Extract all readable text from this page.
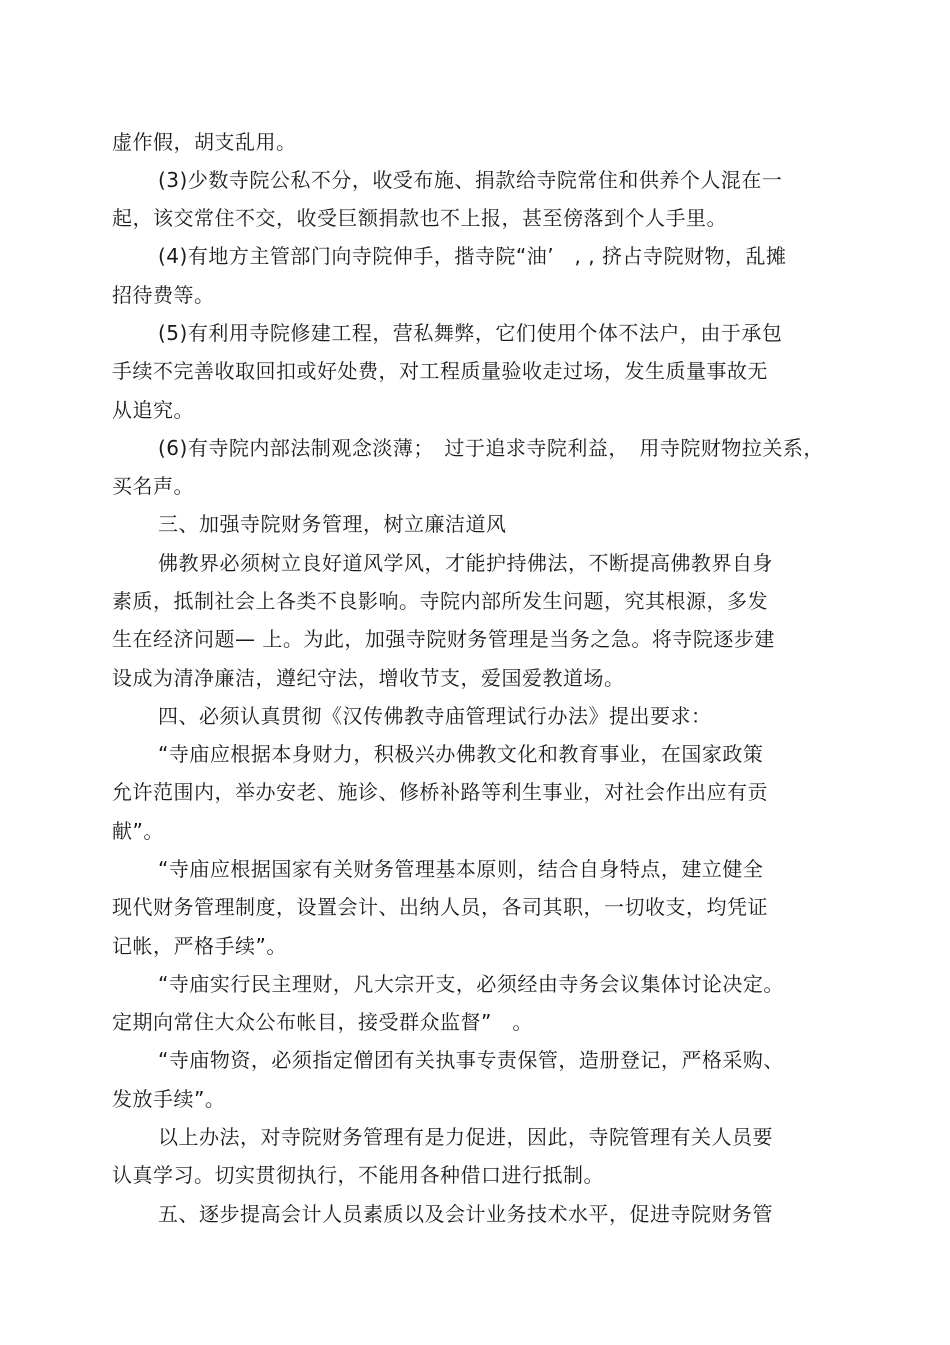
虚作假，胡支乱用。
(3)少数寺院公私不分，收受布施、捐款给寺院常住和供养个人混在一
起，该交常住不交，收受巨额捐款也不上报，甚至傍落到个人手里。
(4)有地方主管部门向寺院伸手，揩寺院“油’　, , 挤占寺院财物，乱摊
招待费等。
(5)有利用寺院修建工程，营私舞弊，它们使用个体不法户，由于承包
手续不完善收取回扣或好处费，对工程质量验收走过场，发生质量事故无
从追究。
(6)有寺院内部法制观念淡薄；　过于追求寺院利益，　用寺院财物拉关系，
买名声。
三、加强寺院财务管理，树立廉洁道风
佛教界必须树立良好道风学风，才能护持佛法，不断提高佛教界自身
素质，抵制社会上各类不良影响。寺院内部所发生问题，究其根源，多发
生在经济问题— 上。为此，加强寺院财务管理是当务之急。将寺院逐步建
设成为清净廉洁，遵纪守法，增收节支，爱国爱教道场。
四、必须认真贯彻《汉传佛教寺庙管理试行办法》提出要求：
“寺庙应根据本身财力，积极兴办佛教文化和教育事业，在国家政策
允许范围内，举办安老、施诊、修桥补路等利生事业，对社会作出应有贡
献”。
“寺庙应根据国家有关财务管理基本原则，结合自身特点，建立健全
现代财务管理制度，设置会计、出纳人员，各司其职，一切收支，均凭证
记帐，严格手续”。
“寺庙实行民主理财，凡大宗开支，必须经由寺务会议集体讨论决定。
定期向常住大众公布帐目，接受群众监督”　。
“寺庙物资，必须指定僧团有关执事专责保管，造册登记，严格采购、
发放手续”。
以上办法，对寺院财务管理有是力促进，因此，寺院管理有关人员要
认真学习。切实贯彻执行，不能用各种借口进行抵制。
五、逐步提高会计人员素质以及会计业务技术水平，促进寺院财务管
